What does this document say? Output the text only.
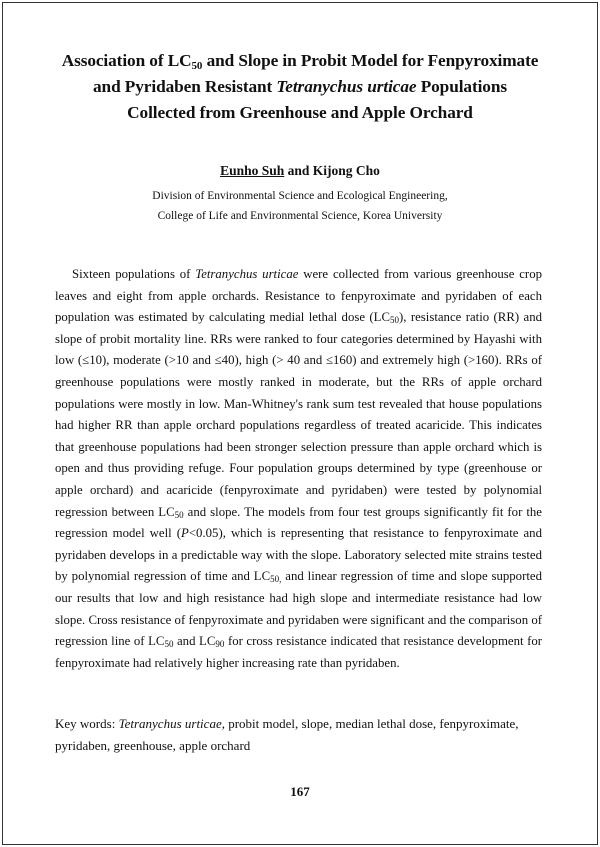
Association of $LC_{50}$ and Slope in Probit Model for Fenpyroximate
and Pyridaben Resistant Tetranychus urticae Populations
Collected from Greenhouse and Apple Orchard
Eunho Suh and Kijong Cho
Division of Environmental Science and Ecological Engineering,
College of Life and Environmental Science, Korea University
Sixteen populations of Tetranychus urticae were collected from various greenhouse crop leaves and eight from apple orchards. Resistance to fenpyroximate and pyridaben of each population was estimated by calculating medial lethal dose $(LC_{50})$, resistance ratio (RR) and slope of probit mortality line. RRs were ranked to four categories determined by Hayashi with low (≤10), moderate (>10 and ≤40), high (> 40 and ≤160) and extremely high (>160). RRs of greenhouse populations were mostly ranked in moderate, but the RRs of apple orchard populations were mostly in low. Man-Whitney's rank sum test revealed that house populations had higher RR than apple orchard populations regardless of treated acaricide. This indicates that greenhouse populations had been stronger selection pressure than apple orchard which is open and thus providing refuge. Four population groups determined by type (greenhouse or apple orchard) and acaricide (fenpyroximate and pyridaben) were tested by polynomial regression between $LC_{50}$ and slope. The models from four test groups significantly fit for the regression model well (P<0.05), which is representing that resistance to fenpyroximate and pyridaben develops in a predictable way with the slope. Laboratory selected mite strains tested by polynomial regression of time and $LC_{50,}$ and linear regression of time and slope supported our results that low and high resistance had high slope and intermediate resistance had low slope. Cross resistance of fenpyroximate and pyridaben were significant and the comparison of regression line of $LC_{50}$ and $LC_{90}$ for cross resistance indicated that resistance development for fenpyroximate had relatively higher increasing rate than pyridaben.
Key words: Tetranychus urticae, probit model, slope, median lethal dose, fenpyroximate, pyridaben, greenhouse, apple orchard
167
